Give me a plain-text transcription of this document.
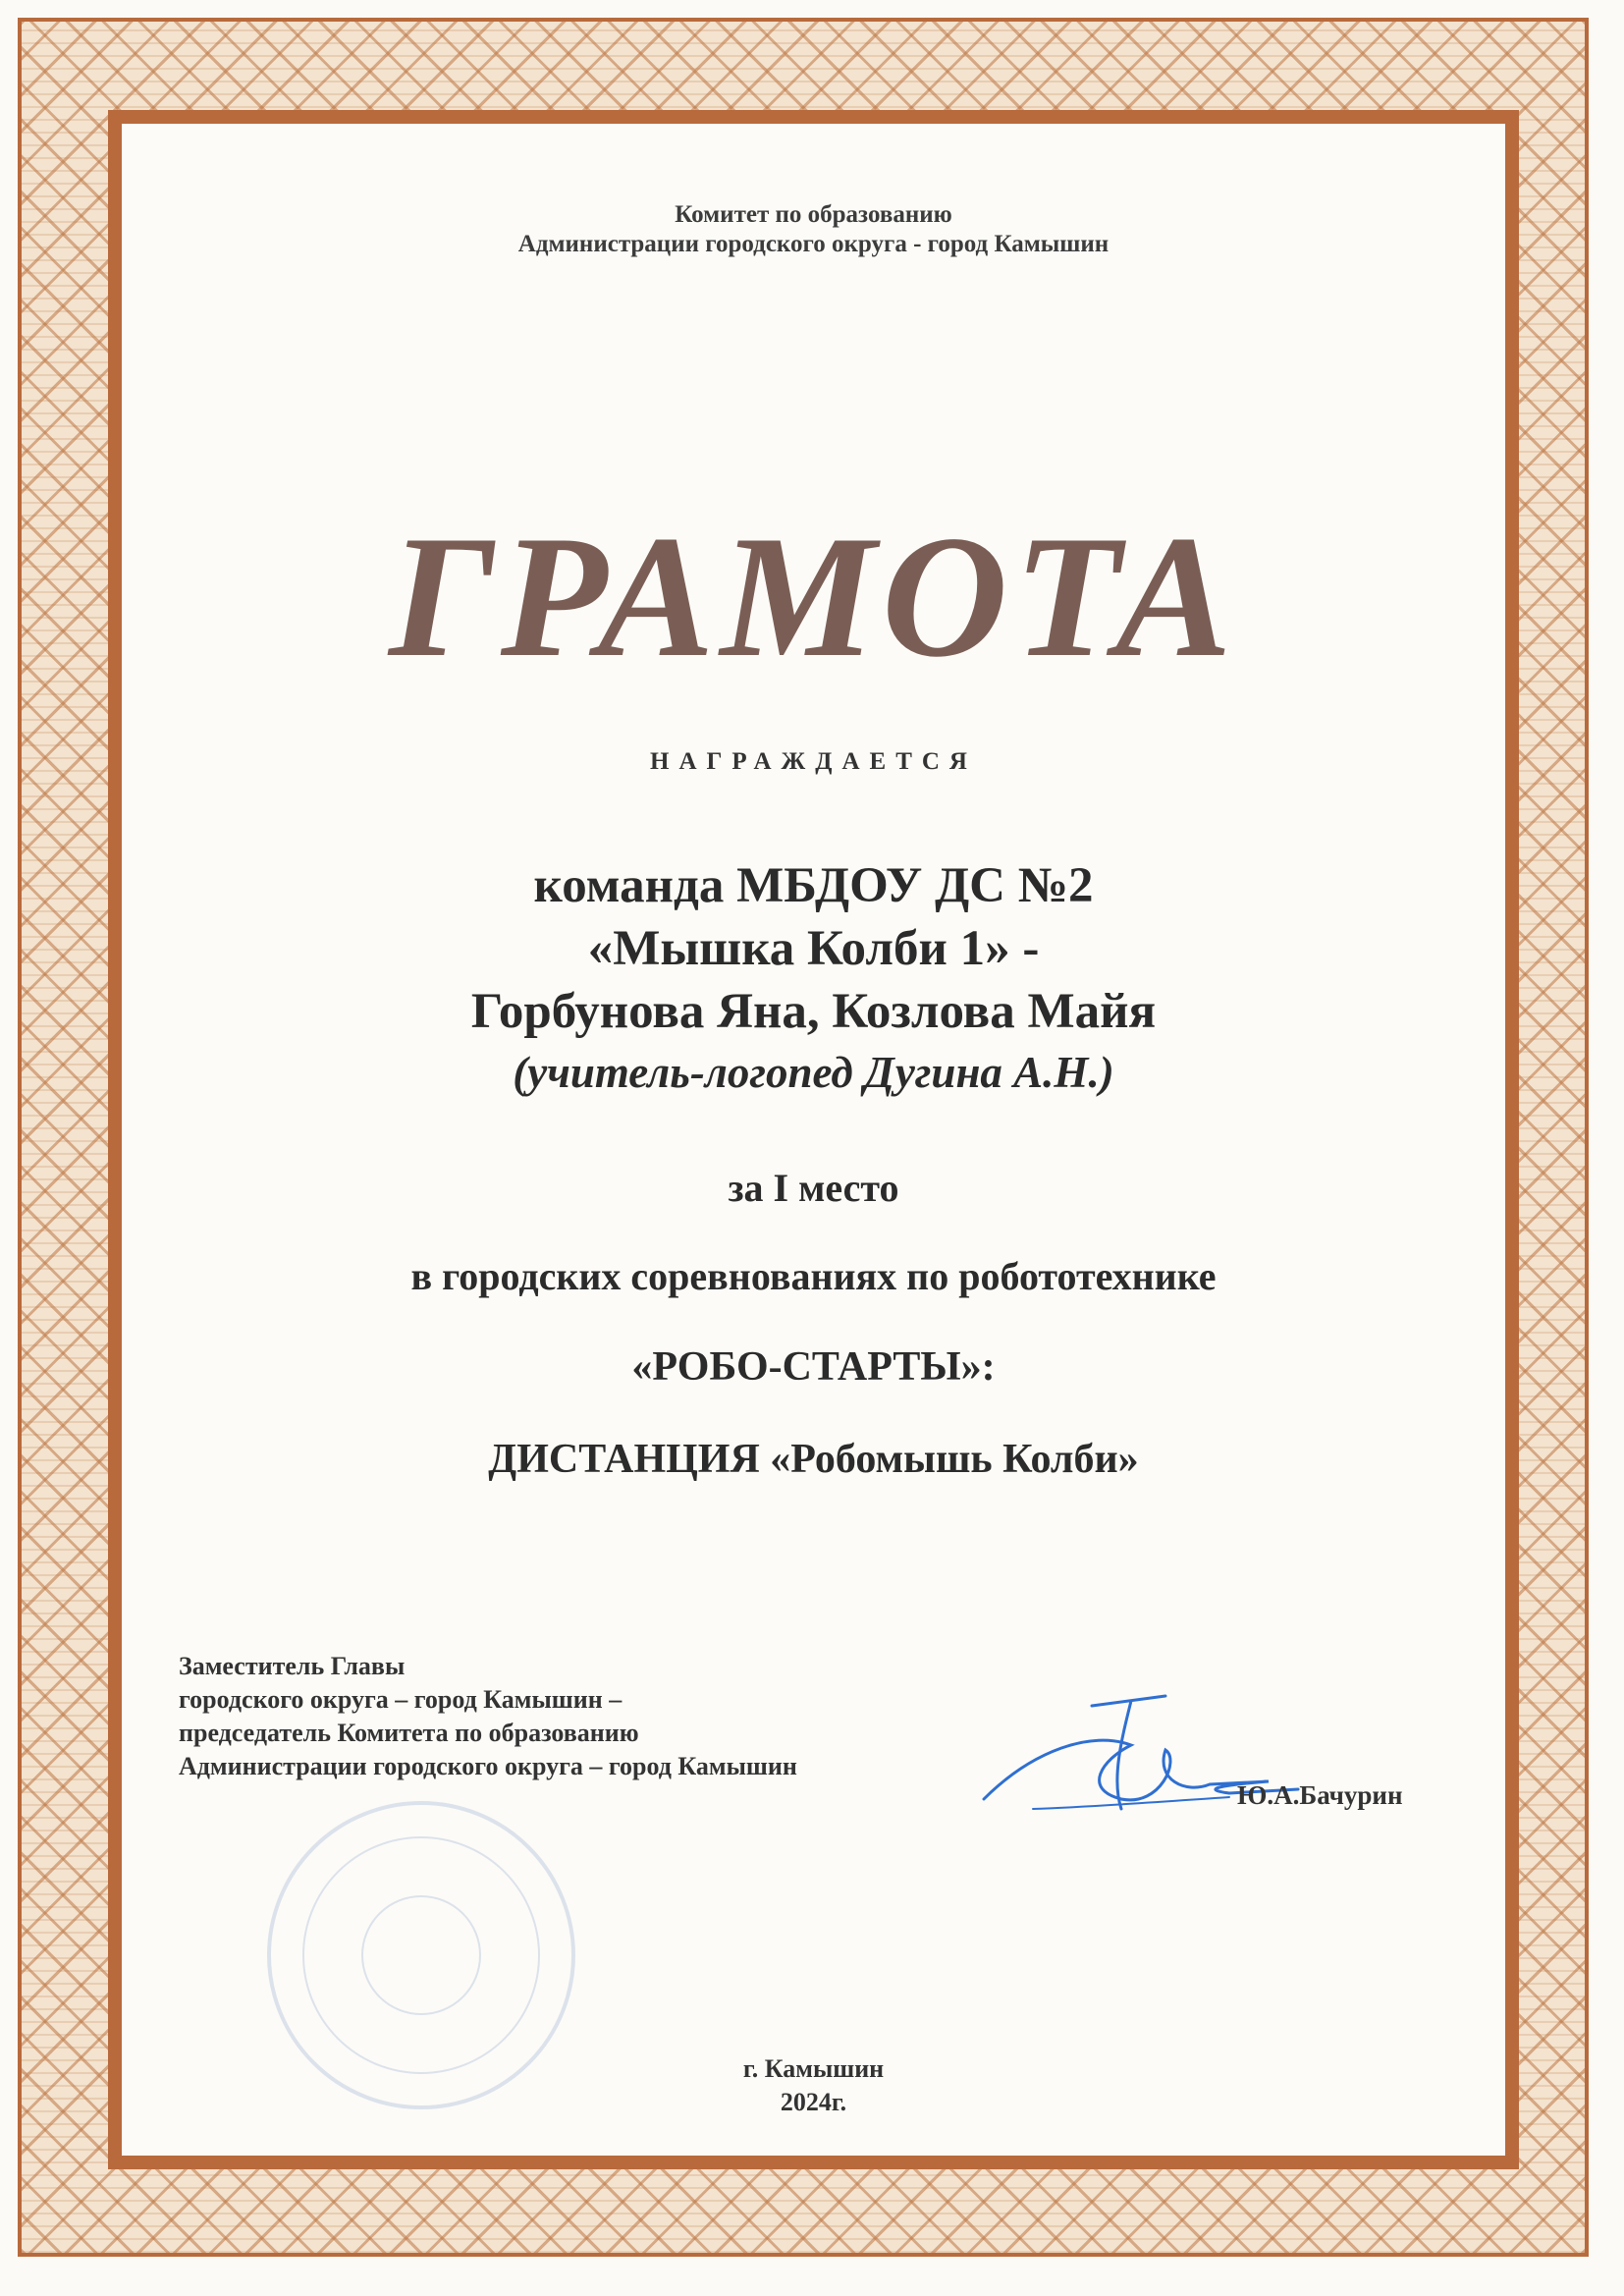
Комитет по образованию
Администрации городского округа - город Камышин
ГРАМОТА
НАГРАЖДАЕТСЯ
команда МБДОУ ДС №2
«Мышка Колби 1» -
Горбунова Яна, Козлова Майя
(учитель-логопед Дугина А.Н.)
за I место
в городских соревнованиях по робототехнике
«РОБО-СТАРТЫ»:
ДИСТАНЦИЯ «Робомышь Колби»
Заместитель Главы
городского округа – город Камышин –
председатель Комитета по образованию
Администрации городского округа – город Камышин
Ю.А.Бачурин
г. Камышин
2024г.
